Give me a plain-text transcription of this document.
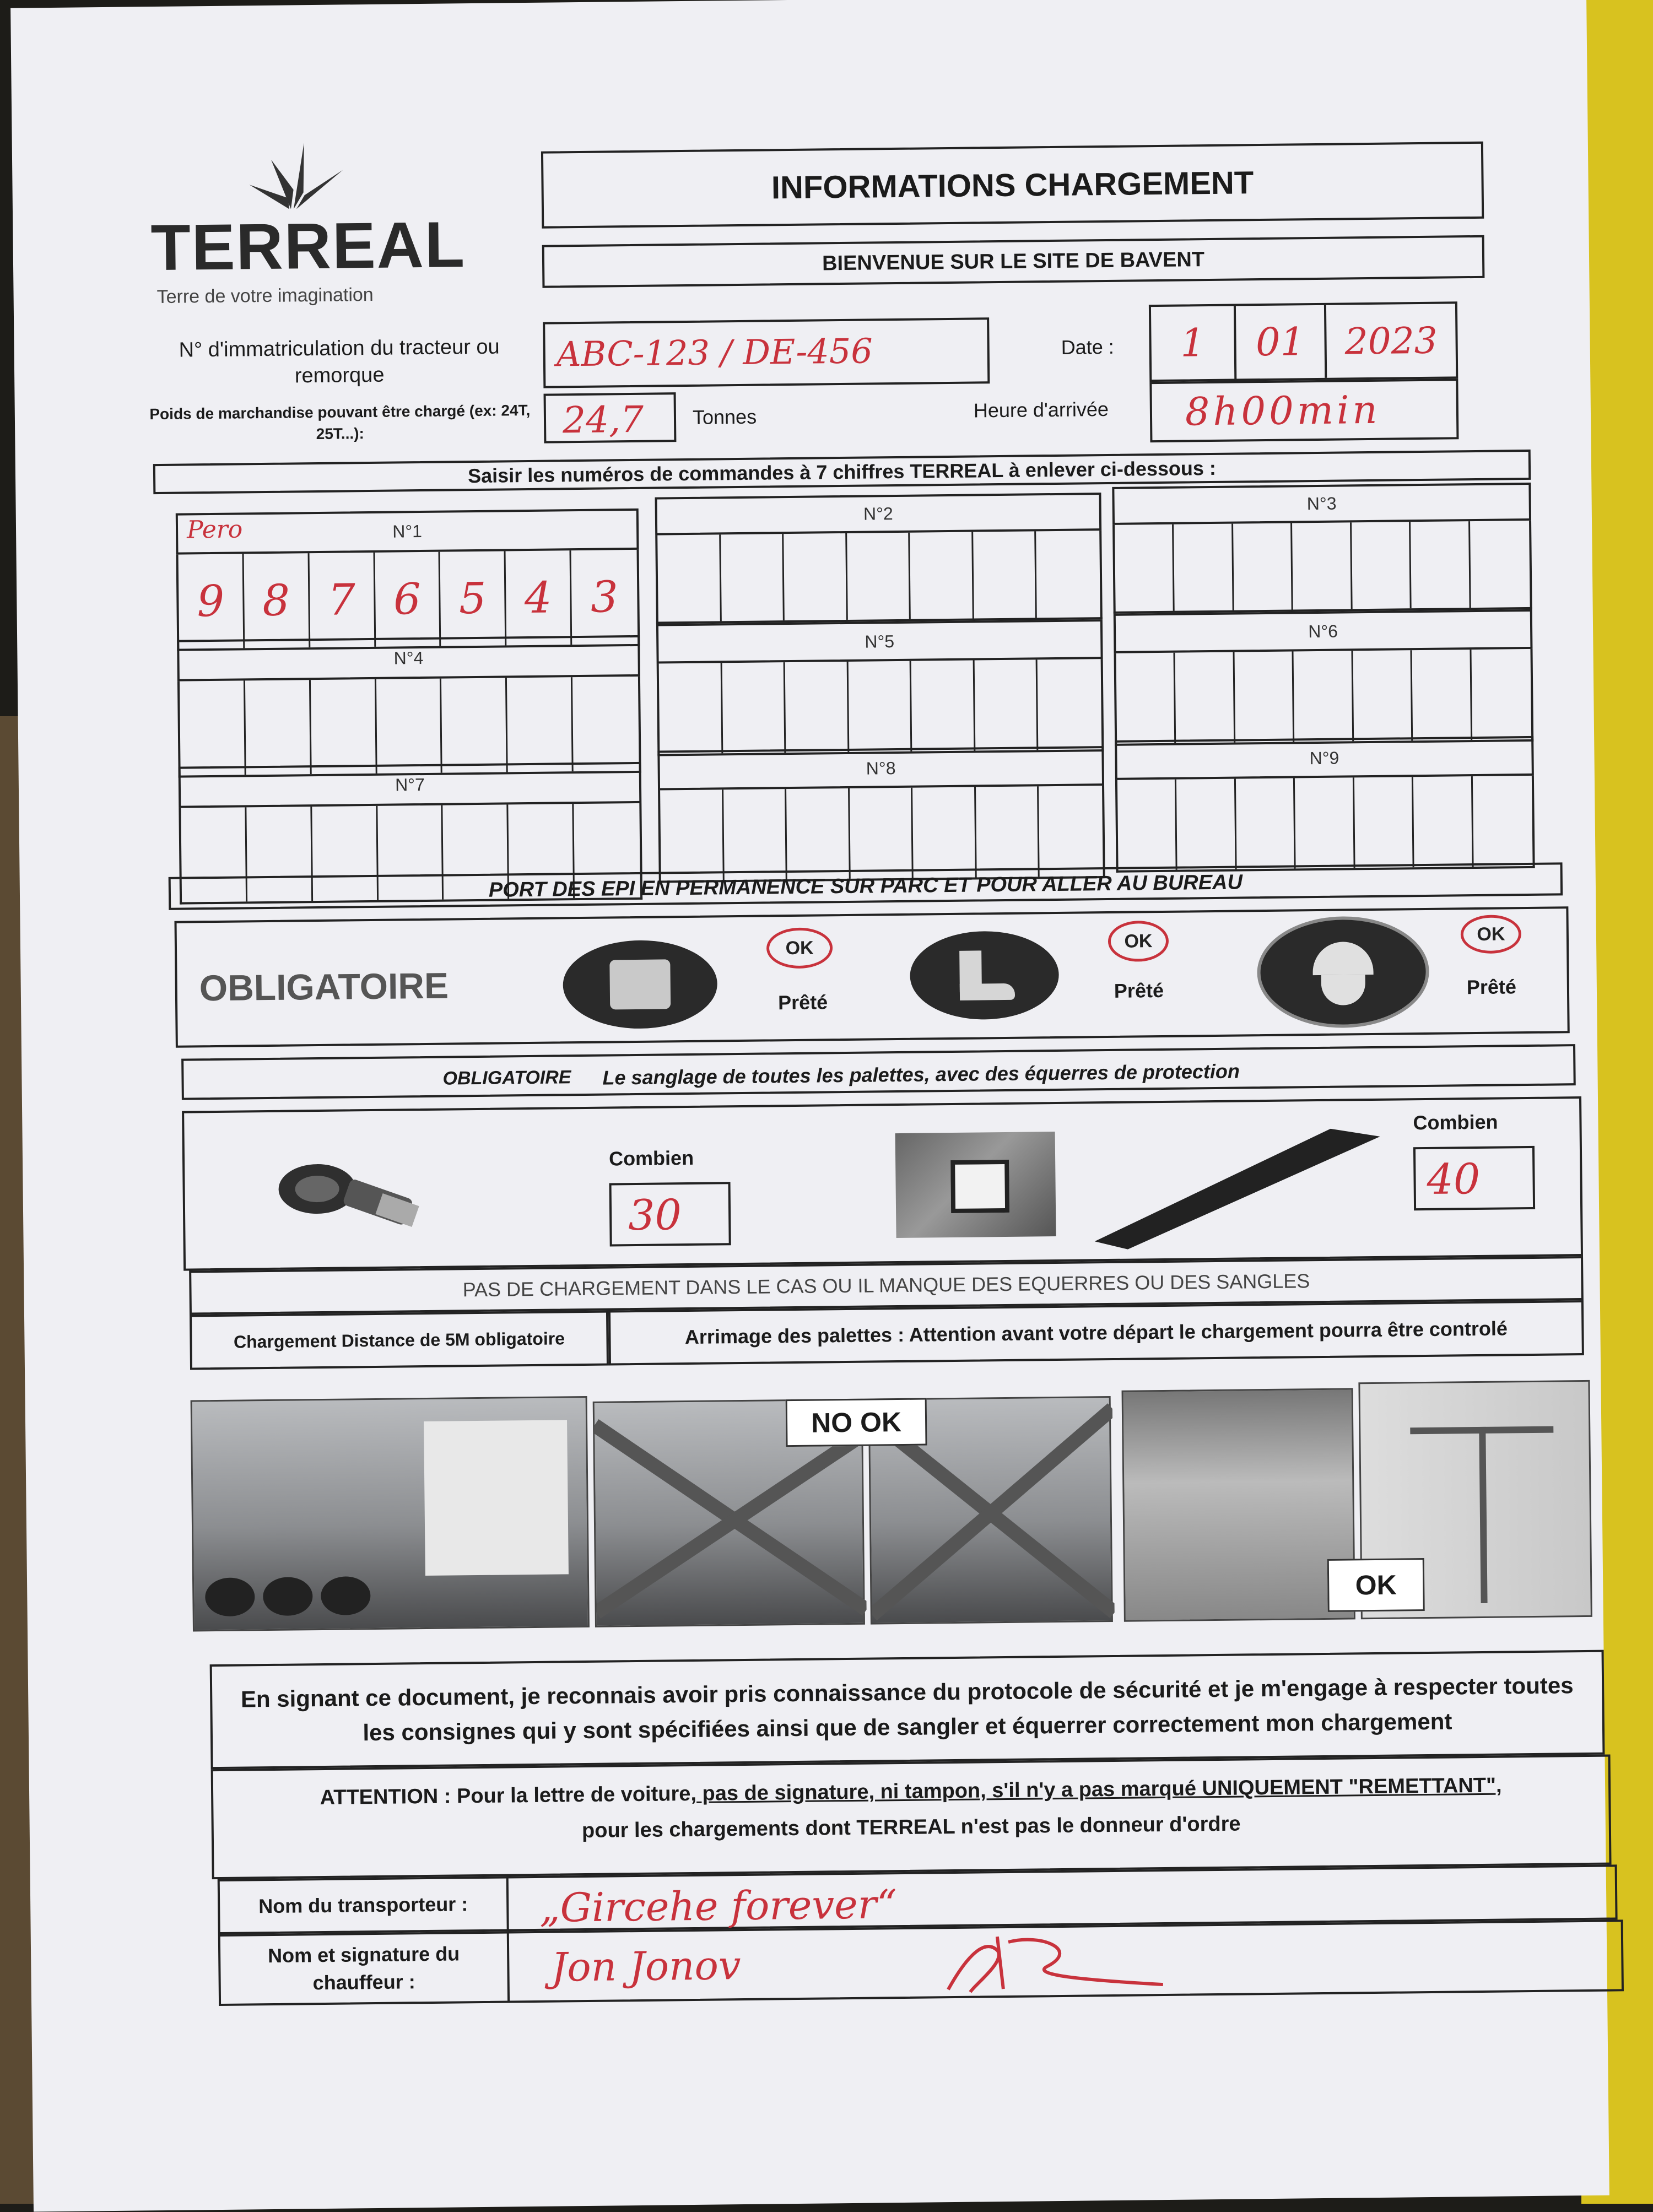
TERREAL
Terre de votre imagination
INFORMATIONS CHARGEMENT
BIENVENUE SUR LE SITE DE BAVENT
N° d'immatriculation du tracteur ou remorque
ABC-123 / DE-456
Poids de marchandise pouvant être chargé (ex: 24T, 25T...):	24,7 Tonnes
Date :	1	01	2023
Heure d'arrivée 8h00min
Saisir les numéros de commandes à 7 chiffres TERREAL à enlever ci-dessous :
N°1
Pero
9 8 7 6 5 4 3
N°2
N°3
N°4
N°5
N°6
N°7
N°8
N°9
PORT DES EPI EN PERMANENCE SUR PARC ET POUR ALLER AU BUREAU
OBLIGATOIRE
OK
Prêté
OK
Prêté
OK
Prêté
OBLIGATOIRE Le sanglage de toutes les palettes, avec des équerres de protection
Combien
30
Combien
40
PAS DE CHARGEMENT DANS LE CAS OU IL MANQUE DES EQUERRES OU DES SANGLES
Chargement Distance de 5M obligatoire	Arrimage des palettes : Attention avant votre départ le chargement pourra être controlé
NO OK
OK
En signant ce document, je reconnais avoir pris connaissance du protocole de sécurité et je m'engage à respecter toutes les consignes qui y sont spécifiées ainsi que de sangler et équerrer correctement mon chargement
ATTENTION : Pour la lettre de voiture, pas de signature, ni tampon, s'il n'y a pas marqué UNIQUEMENT "REMETTANT",
pour les chargements dont TERREAL n'est pas le donneur d'ordre
Nom du transporteur :	„Gircehe forever“
Nom et signature du chauffeur :	Jon Jonov
